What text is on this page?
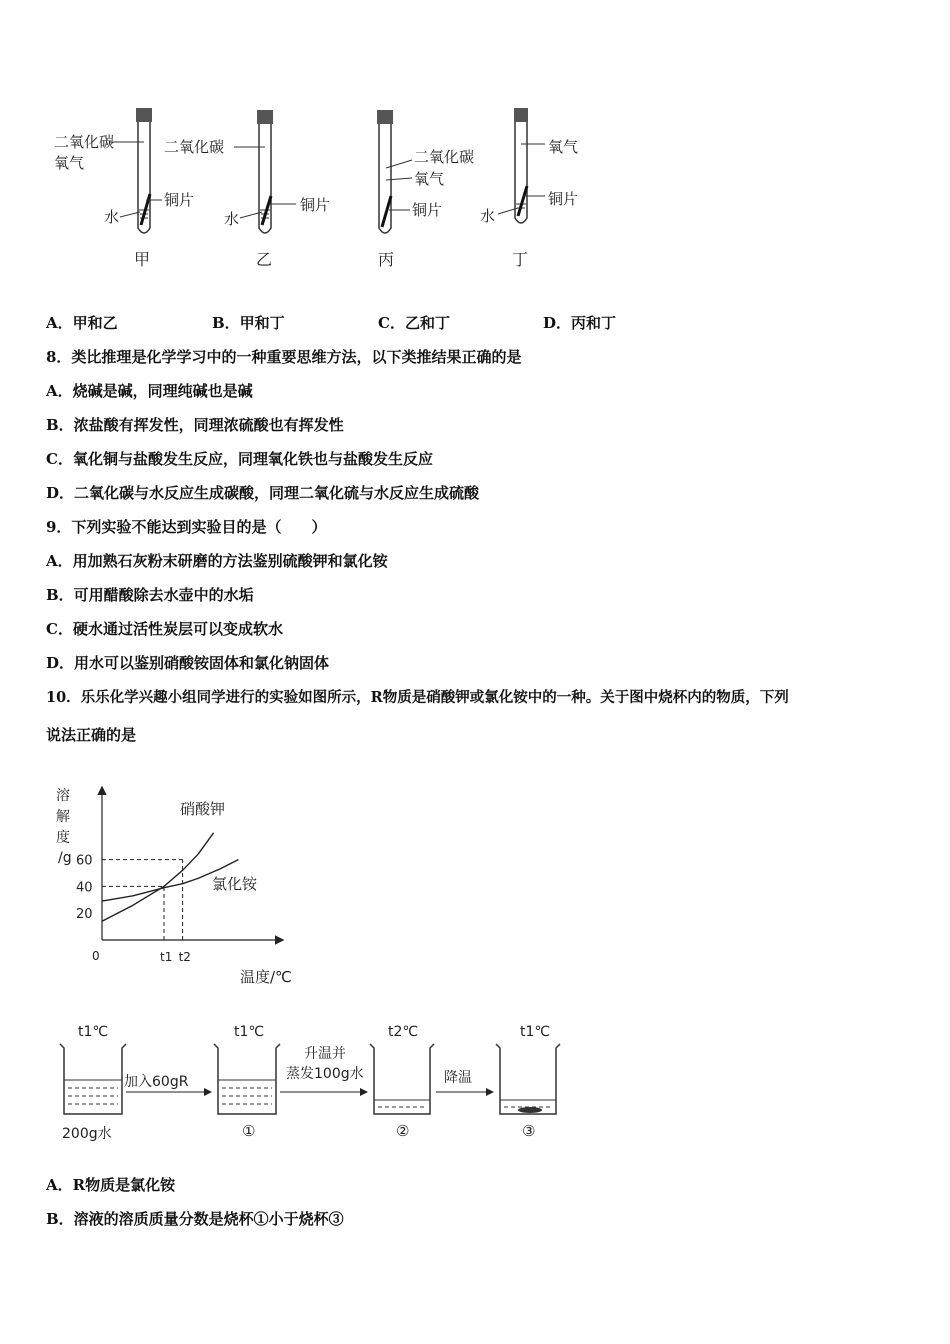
二氧化碳
氧气
铜片
水
甲
二氧化碳
铜片
水
乙
二氧化碳
氧气
铜片
丙
氧气
铜片
水
丁
A．甲和乙	B．甲和丁	C．乙和丁	D．丙和丁
8．类比推理是化学学习中的一种重要思维方法，以下类推结果正确的是
A．烧碱是碱，同理纯碱也是碱
B．浓盐酸有挥发性，同理浓硫酸也有挥发性
C．氧化铜与盐酸发生反应，同理氧化铁也与盐酸发生反应
D．二氧化碳与水反应生成碳酸，同理二氧化硫与水反应生成硫酸
9．下列实验不能达到实验目的是（　　）
A．用加熟石灰粉末研磨的方法鉴别硫酸钾和氯化铵
B．可用醋酸除去水壶中的水垢
C．硬水通过活性炭层可以变成软水
D．用水可以鉴别硝酸铵固体和氯化钠固体
10．乐乐化学兴趣小组同学进行的实验如图所示，R物质是硝酸钾或氯化铵中的一种。关于图中烧杯内的物质，下列
说法正确的是
溶
解
度
/g
0
60
40
20
t1 t2
硝酸钾
氯化铵
温度/℃
t1℃
200g水
加入60gR
t1℃
①
升温并
蒸发100g水
t2℃
②
降温
t1℃
③
A．R物质是氯化铵
B．溶液的溶质质量分数是烧杯①小于烧杯③
